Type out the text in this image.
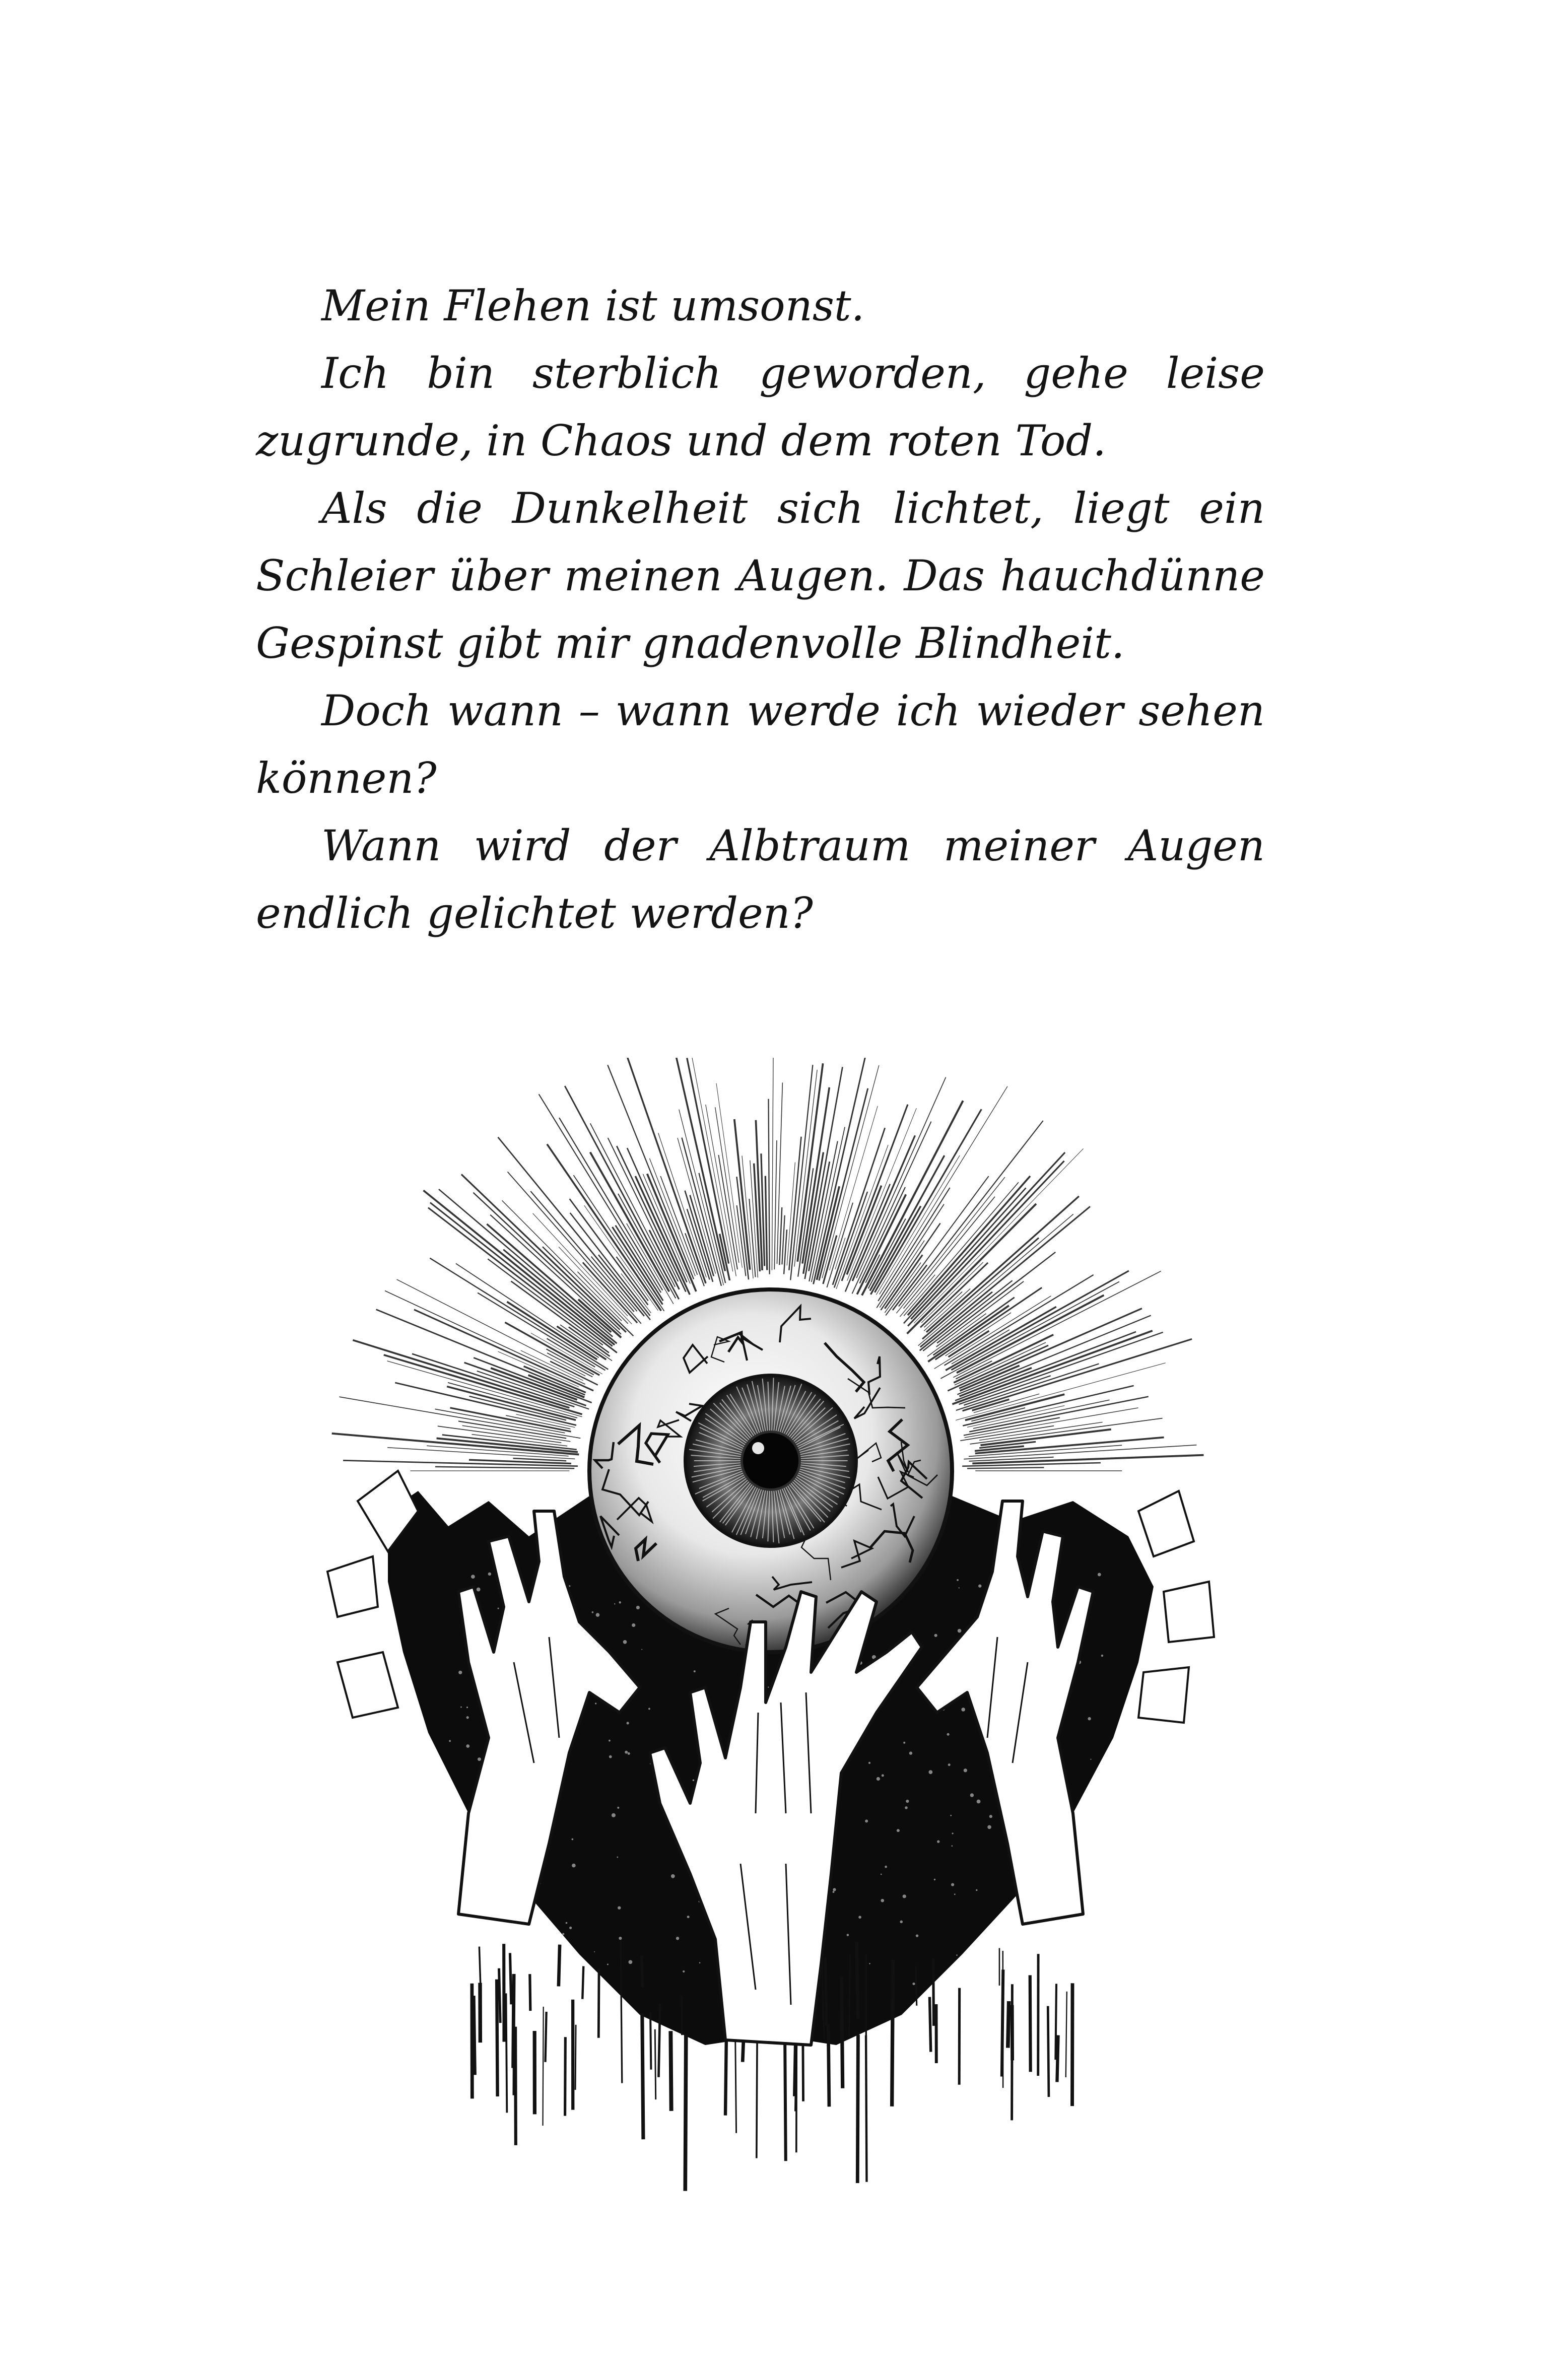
Mein Flehen ist umsonst.

Ich bin sterblich geworden, gehe leise zugrunde, in Chaos und dem roten Tod.

Als die Dunkelheit sich lichtet, liegt ein Schleier über meinen Augen. Das hauchdünne Gespinst gibt mir gnadenvolle Blindheit.

Doch wann – wann werde ich wieder sehen können?

Wann wird der Albtraum meiner Augen endlich gelichtet werden?
